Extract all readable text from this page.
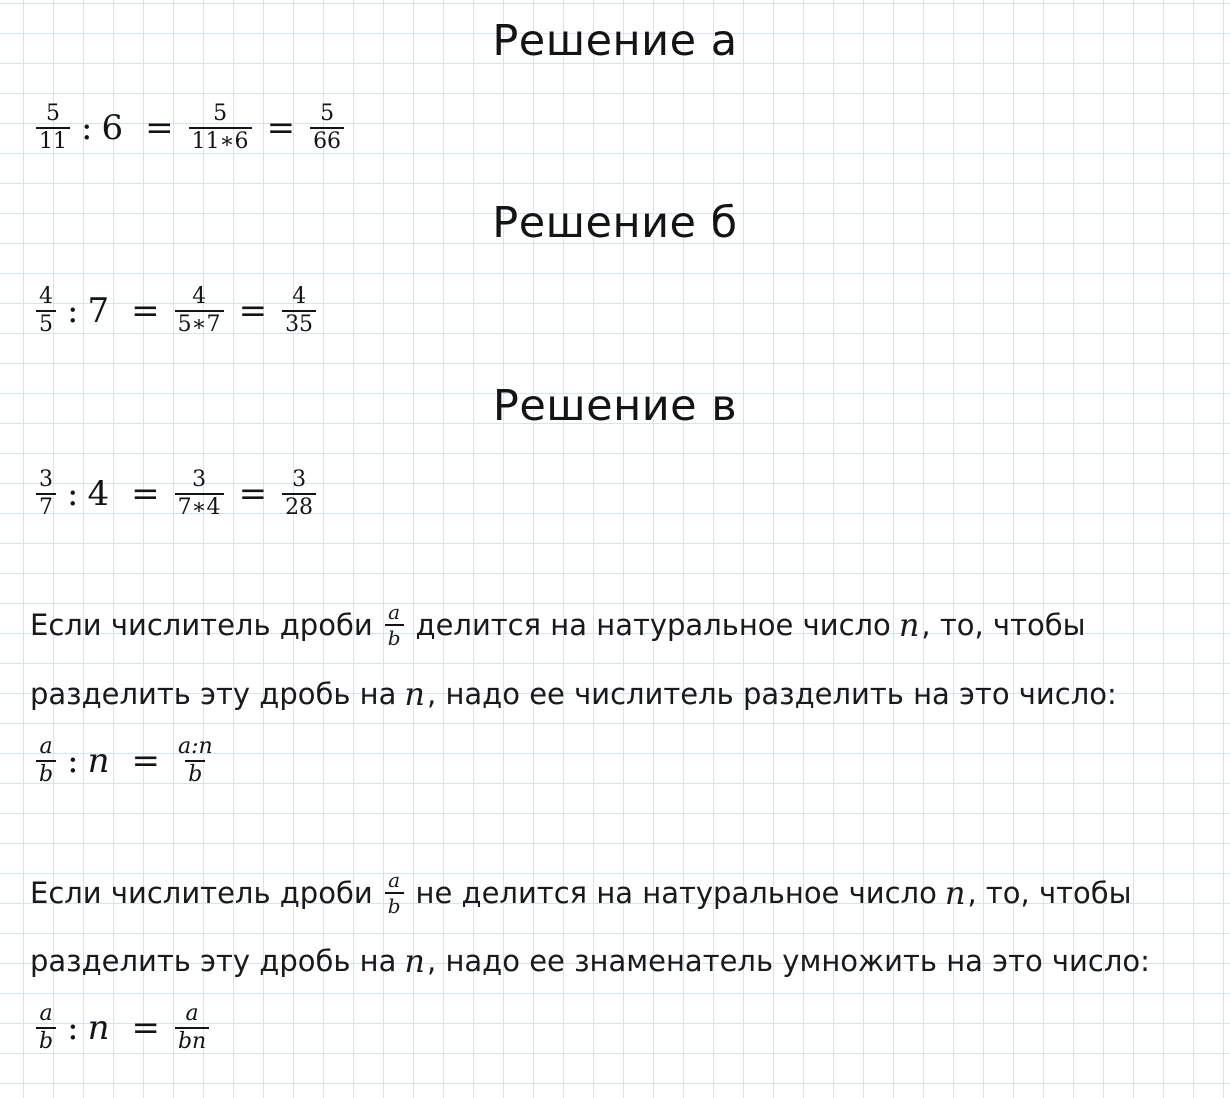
Решение а
$\frac{5}{11}$ : $6 = \frac{5}{11∗6} = \frac{5}{66}$
Решение б
$\frac{4}{5}$ : $7 = \frac{4}{5∗7} = \frac{4}{35}$
Решение в
$\frac{3}{7}$ : $4 = \frac{3}{7∗4} = \frac{3}{28}$
Если числитель дроби $\frac{a}{b}$ делится на натуральное число n , то, чтобы
разделить эту дробь на n , надо ее числитель разделить на это число:
$\frac{a}{b}$ : $n = \frac{a:n}{b}$
Если числитель дроби $\frac{a}{b}$ не делится на натуральное число n , то, чтобы
разделить эту дробь на n , надо ее знаменатель умножить на это число:
$\frac{a}{b}$ : $n = \frac{a}{bn}$
